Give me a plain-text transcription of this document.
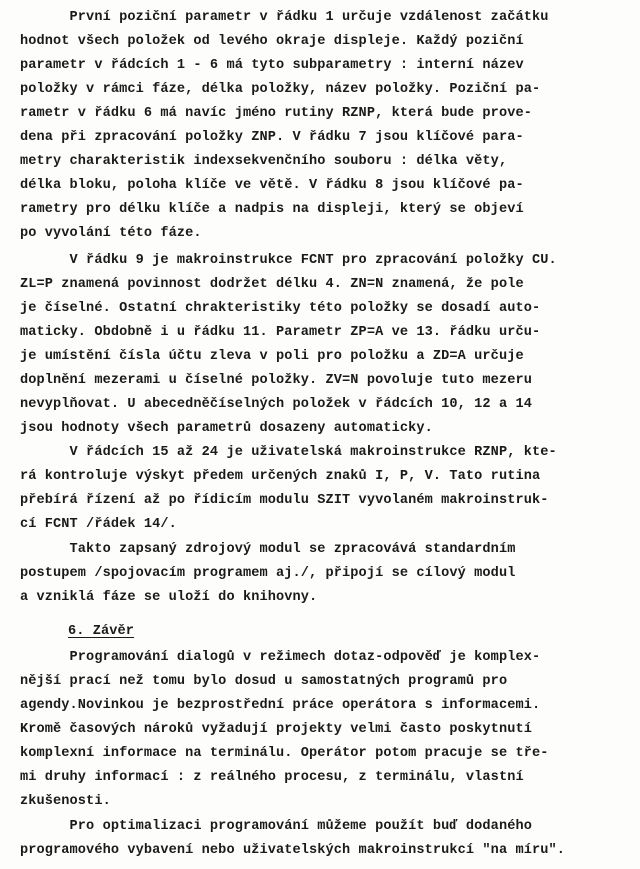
První poziční parametr v řádku 1 určuje vzdálenost začátku
hodnot všech položek od levého okraje displeje. Každý poziční
parametr v řádcích 1 - 6 má tyto subparametry : interní název
položky v rámci fáze, délka položky, název položky. Poziční pa-
rametr v řádku 6 má navíc jméno rutiny RZNP, která bude prove-
dena při zpracování položky ZNP. V řádku 7 jsou klíčové para-
metry charakteristik indexsekvenčního souboru : délka věty,
délka bloku, poloha klíče ve větě. V řádku 8 jsou klíčové pa-
rametry pro délku klíče a nadpis na displeji, který se objeví
po vyvolání této fáze.
V řádku 9 je makroinstrukce FCNT pro zpracování položky CU.
ZL=P znamená povinnost dodržet délku 4. ZN=N znamená, že pole
je číselné. Ostatní chrakteristiky této položky se dosadí auto-
maticky. Obdobně i u řádku 11. Parametr ZP=A ve 13. řádku urču-
je umístění čísla účtu zleva v poli pro položku a ZD=A určuje
doplnění mezerami u číselné položky. ZV=N povoluje tuto mezeru
nevyplňovat. U abecedněčíselných položek v řádcích 10, 12 a 14
jsou hodnoty všech parametrů dosazeny automaticky.
V řádcích 15 až 24 je uživatelská makroinstrukce RZNP, kte-
rá kontroluje výskyt předem určených znaků I, P, V. Tato rutina
přebírá řízení až po řídicím modulu SZIT vyvolaném makroinstruk-
cí FCNT /řádek 14/.
Takto zapsaný zdrojový modul se zpracovává standardním
postupem /spojovacím programem aj./, připojí se cílový modul
a vzniklá fáze se uloží do knihovny.
6. Závěr
Programování dialogů v režimech dotaz-odpověď je komplex-
nější prací než tomu bylo dosud u samostatných programů pro
agendy.Novinkou je bezprostřední práce operátora s informacemi.
Kromě časových nároků vyžadují projekty velmi často poskytnutí
komplexní informace na terminálu. Operátor potom pracuje se tře-
mi druhy informací : z reálného procesu, z terminálu, vlastní
zkušenosti.
Pro optimalizaci programování můžeme použít buď dodaného
programového vybavení nebo uživatelských makroinstrukcí "na míru".
